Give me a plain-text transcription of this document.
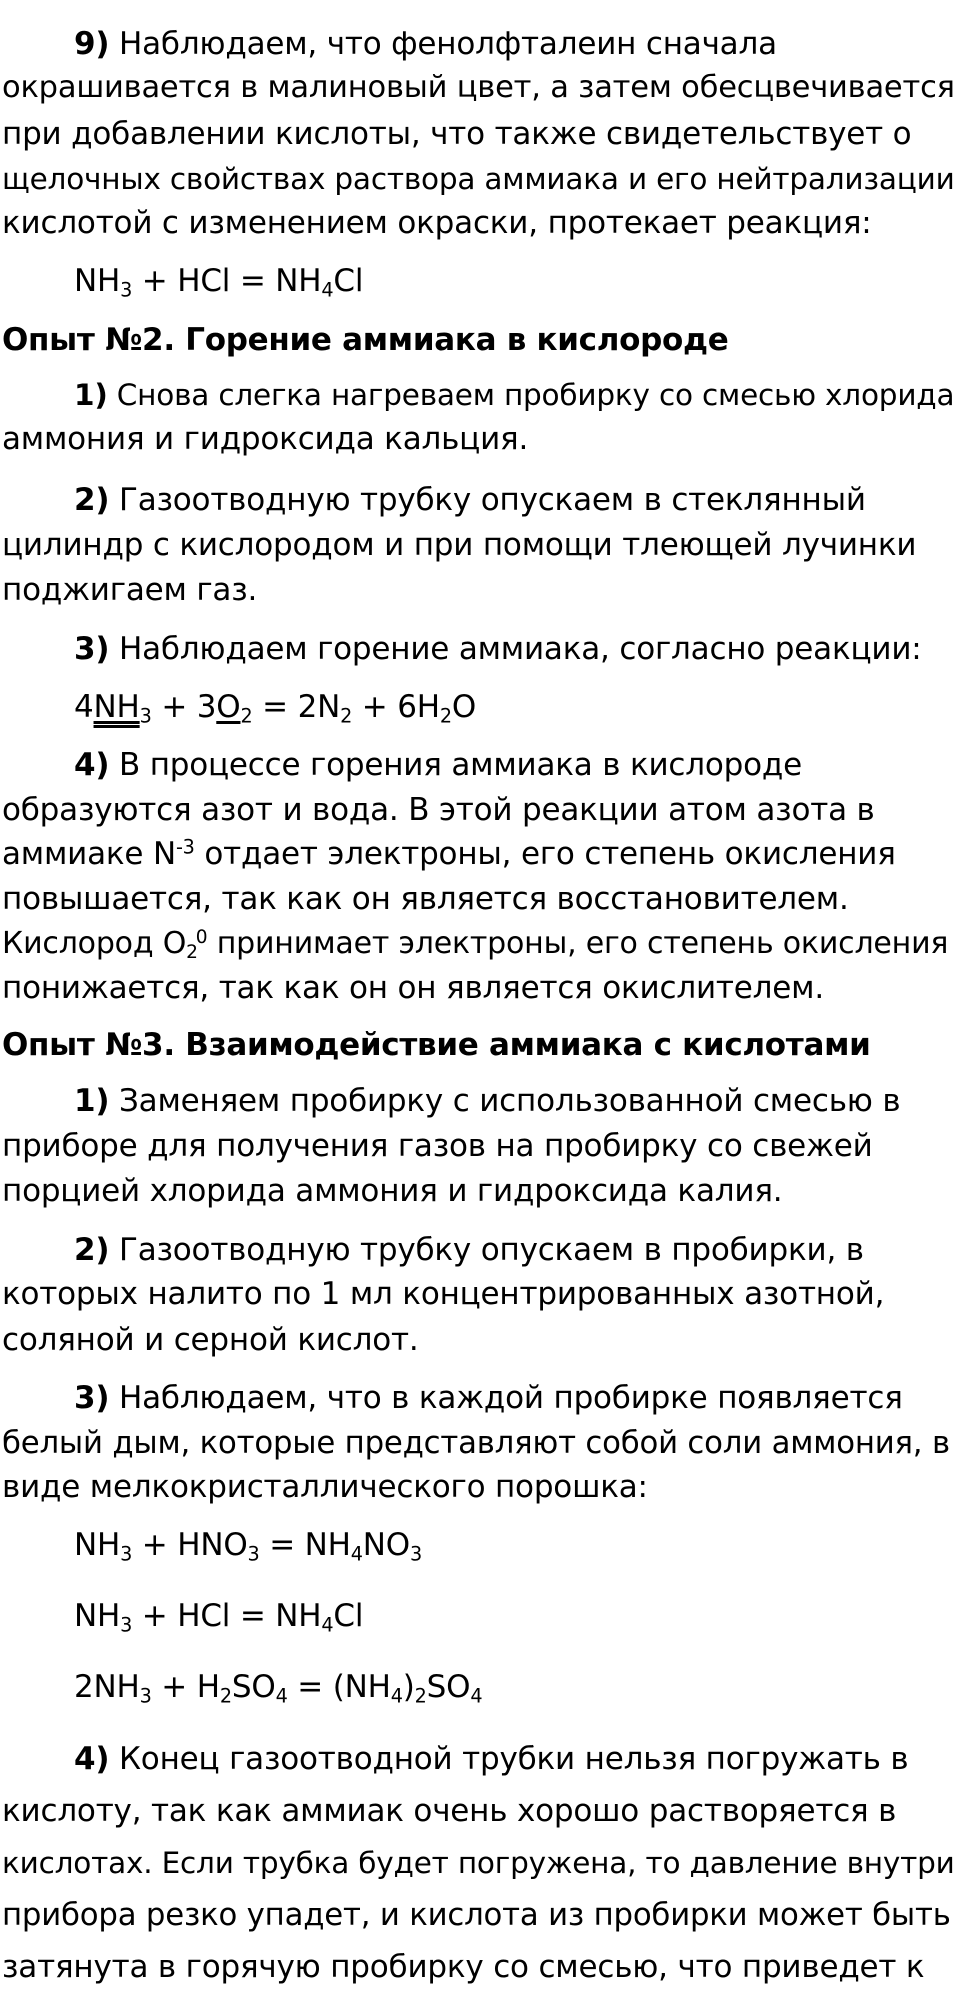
9) Наблюдаем, что фенолфталеин сначала
окрашивается в малиновый цвет, а затем обесцвечивается
при добавлении кислоты, что также свидетельствует о
щелочных свойствах раствора аммиака и его нейтрализации
кислотой с изменением окраски, протекает реакция:
$NH_3$ + HCl = $NH_4Cl$
Опыт №2. Горение аммиака в кислороде
1) Снова слегка нагреваем пробирку со смесью хлорида
аммония и гидроксида кальция.
2) Газоотводную трубку опускаем в стеклянный
цилиндр с кислородом и при помощи тлеющей лучинки
поджигаем газ.
3) Наблюдаем горение аммиака, согласно реакции:
$4NH_3 + 3O_2 = 2N_2 + 6H_2O$
4) В процессе горения аммиака в кислороде
образуются азот и вода. В этой реакции атом азота в
аммиаке $N^{-3}$ отдает электроны, его степень окисления
повышается, так как он является восстановителем.
Кислород $O_2^0$ принимает электроны, его степень окисления
понижается, так как он он является окислителем.
Опыт №3. Взаимодействие аммиака с кислотами
1) Заменяем пробирку с использованной смесью в
приборе для получения газов на пробирку со свежей
порцией хлорида аммония и гидроксида калия.
2) Газоотводную трубку опускаем в пробирки, в
которых налито по 1 мл концентрированных азотной,
соляной и серной кислот.
3) Наблюдаем, что в каждой пробирке появляется
белый дым, которые представляют собой соли аммония, в
виде мелкокристаллического порошка:
$NH_3 + HNO_3 = NH_4NO_3$
$NH_3$ + HCl = $NH_4Cl$
$2NH_3 + H_2SO_4 = (NH_4)_2SO_4$
4) Конец газоотводной трубки нельзя погружать в
кислоту, так как аммиак очень хорошо растворяется в
кислотах. Если трубка будет погружена, то давление внутри
прибора резко упадет, и кислота из пробирки может быть
затянута в горячую пробирку со смесью, что приведет к
